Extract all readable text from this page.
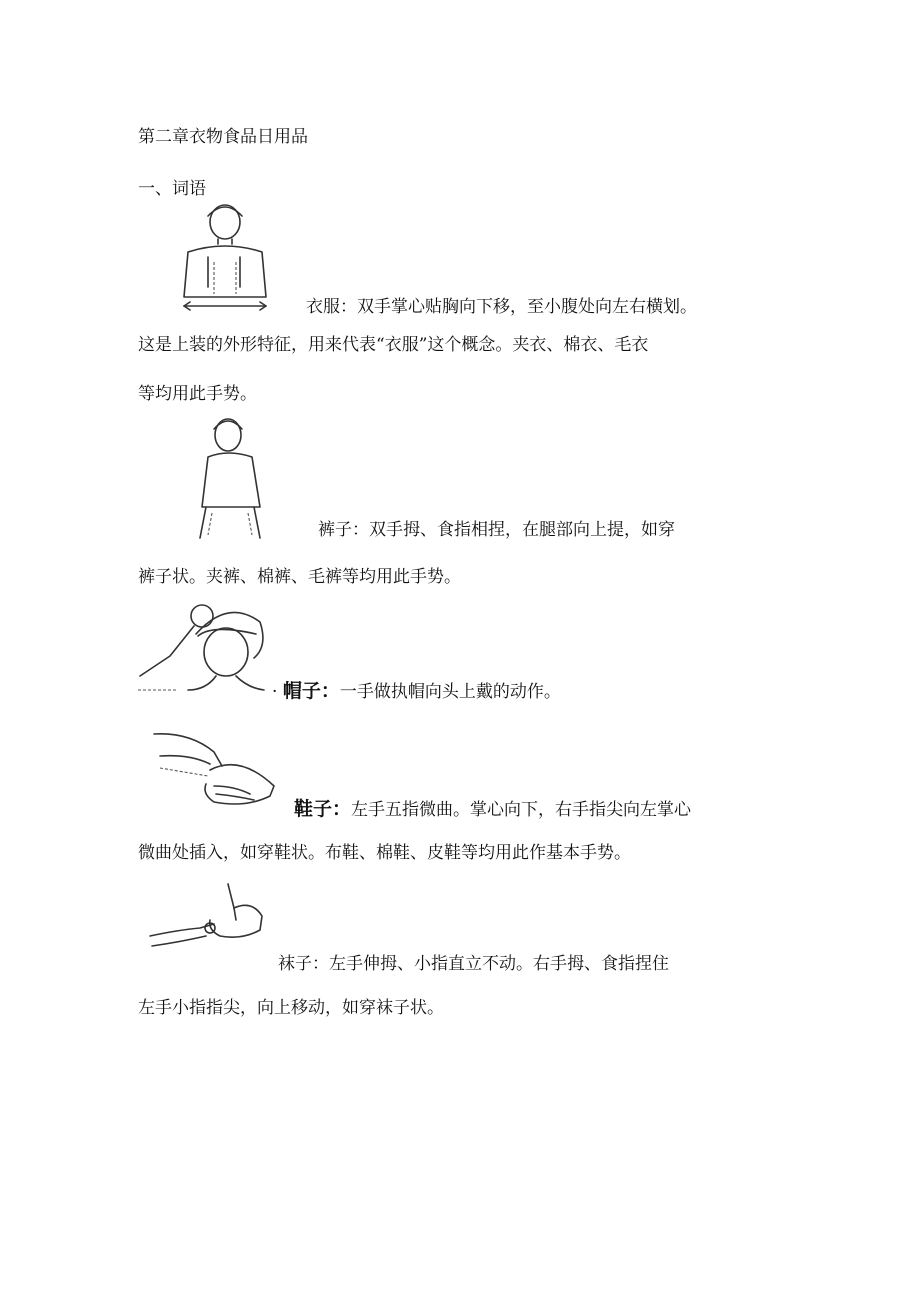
第二章衣物食品日用品

一、词语

衣服：双手掌心贴胸向下移，至小腹处向左右横划。

这是上装的外形特征，用来代表“衣服”这个概念。夹衣、棉衣、毛衣

等均用此手势。

裤子：双手拇、食指相捏，在腿部向上提，如穿

裤子状。夹裤、棉裤、毛裤等均用此手势。

· 帽子：一手做执帽向头上戴的动作。

鞋子：左手五指微曲。掌心向下，右手指尖向左掌心

微曲处插入，如穿鞋状。布鞋、棉鞋、皮鞋等均用此作基本手势。

袜子：左手伸拇、小指直立不动。右手拇、食指捏住

左手小指指尖，向上移动，如穿袜子状。
